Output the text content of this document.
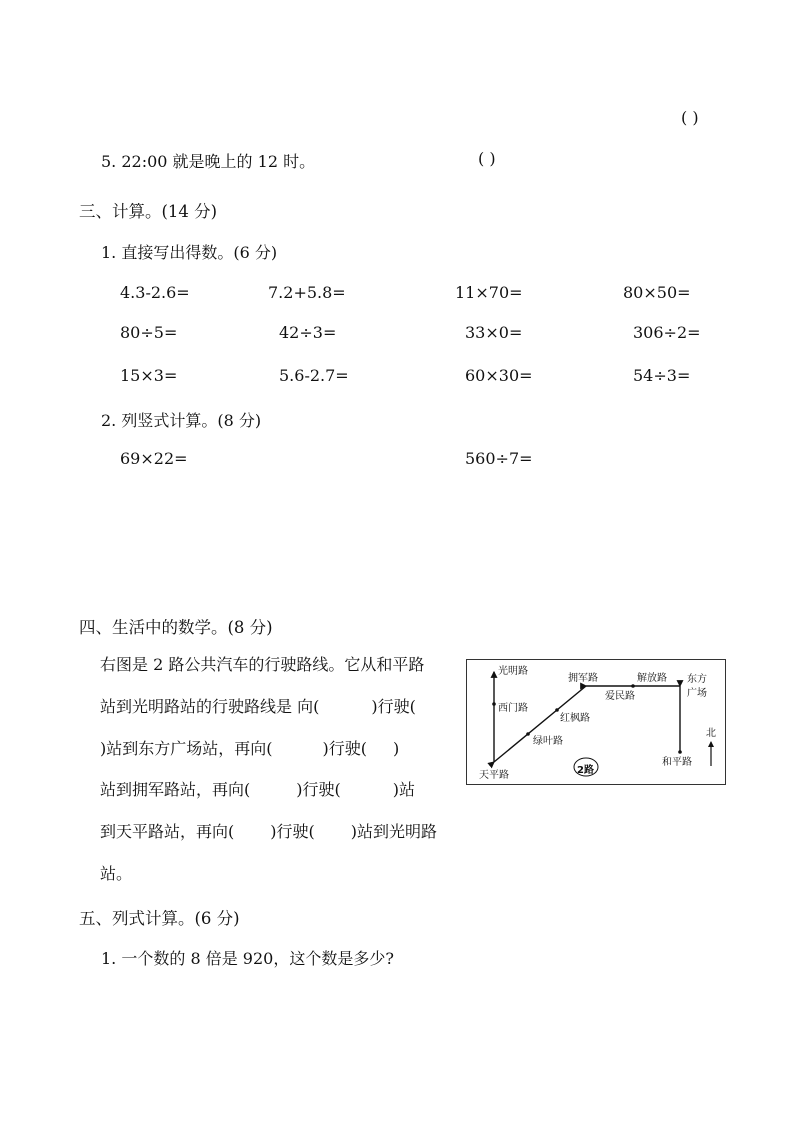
( )
5. 22:00 就是晚上的 12 时。	( )
三、计算。(14 分)
1. 直接写出得数。(6 分)
4.3-2.6=	7.2+5.8=	11×70=	80×50=
80÷5=	42÷3=	33×0=	306÷2=
15×3=	5.6-2.7=	60×30=	54÷3=
2. 列竖式计算。(8 分)
69×22=	560÷7=
四、生活中的数学。(8 分)
右图是 2 路公共汽车的行驶路线。它从和平路
站到光明路站的行驶路线是 向(	)行驶(
)站到东方广场站，再向(	)行驶( )
站到拥军路站，再向(	)行驶(	)站
到天平路站，再向( )行驶( )站到光明路
站。
光明路
西门路
天平路
绿叶路
红枫路
拥军路
爱民路
解放路 东方
广场
和平路
2路
北
五、列式计算。(6 分)
1. 一个数的 8 倍是 920，这个数是多少?
